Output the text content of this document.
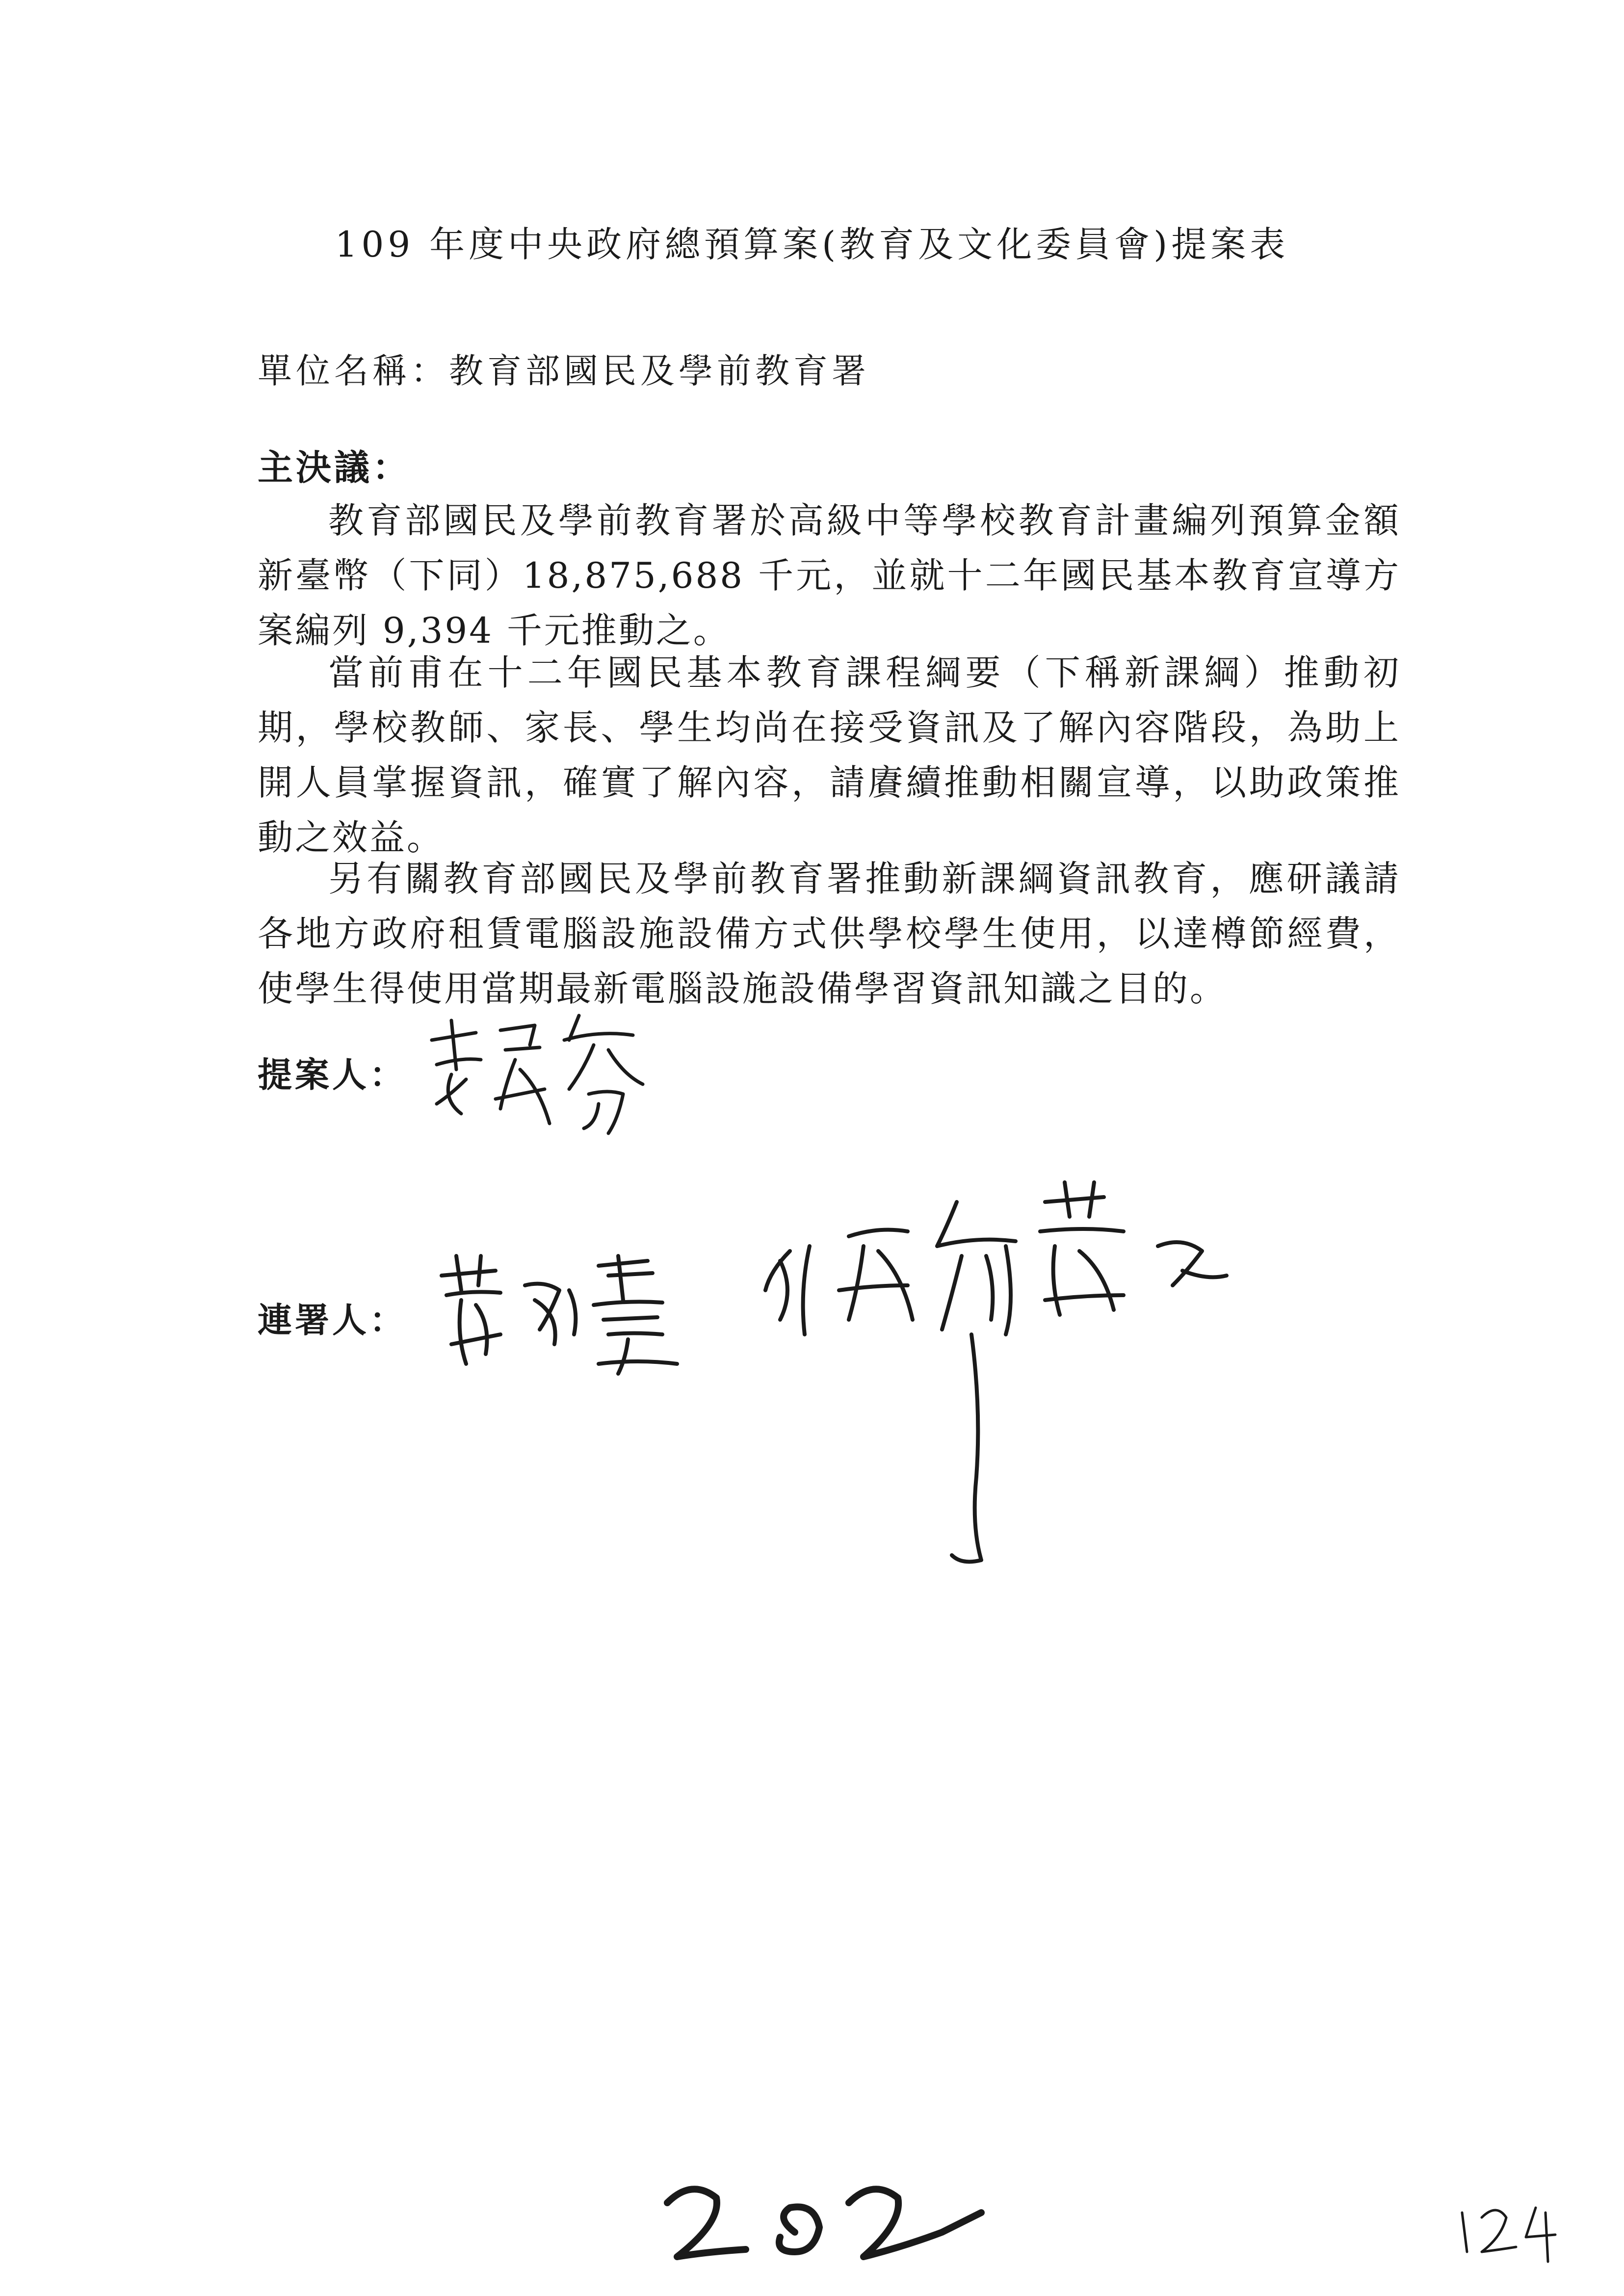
109 年度中央政府總預算案(教育及文化委員會)提案表
單位名稱：教育部國民及學前教育署
主決議：
教育部國民及學前教育署於高級中等學校教育計畫編列預算金額新臺幣（下同）18,875,688 千元，並就十二年國民基本教育宣導方案編列 9,394 千元推動之。
當前甫在十二年國民基本教育課程綱要（下稱新課綱）推動初期，學校教師、家長、學生均尚在接受資訊及了解內容階段，為助上開人員掌握資訊，確實了解內容，請賡續推動相關宣導，以助政策推動之效益。
另有關教育部國民及學前教育署推動新課綱資訊教育，應研議請各地方政府租賃電腦設施設備方式供學校學生使用，以達樽節經費，使學生得使用當期最新電腦設施設備學習資訊知識之目的。
提案人：
連署人：
